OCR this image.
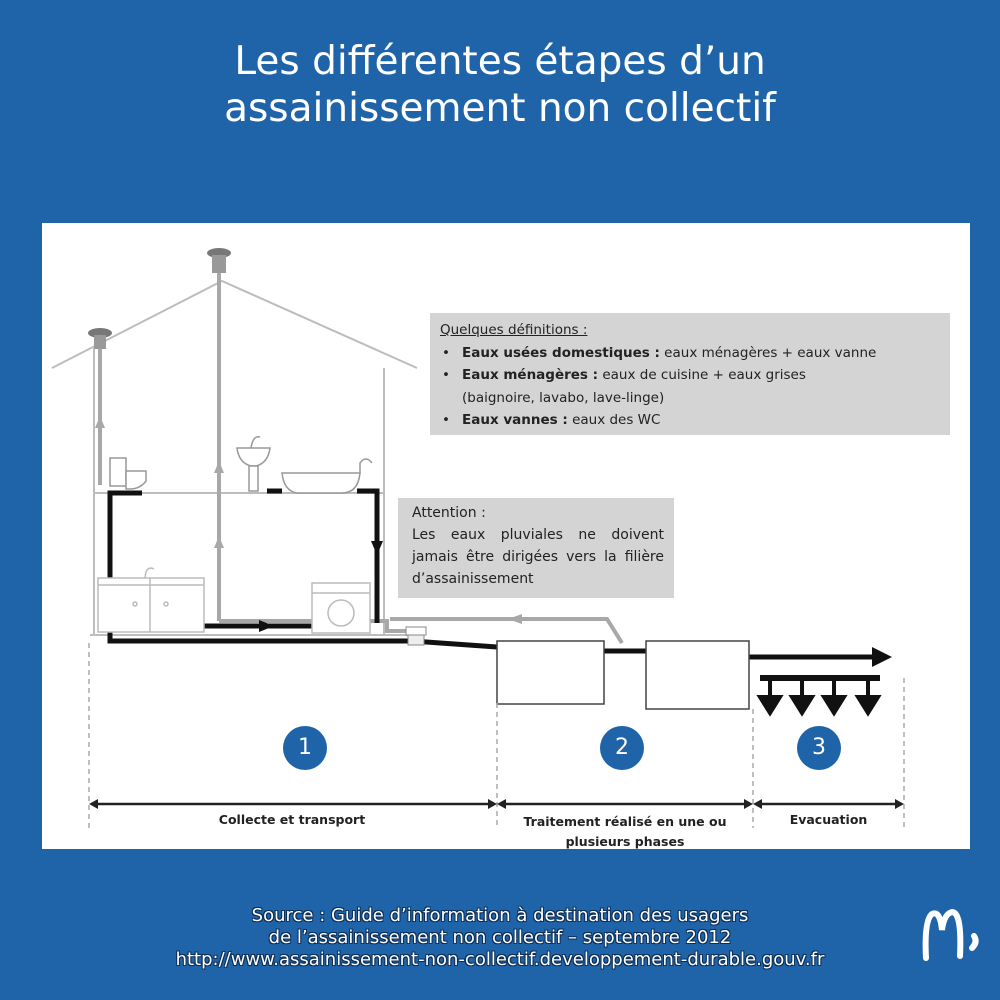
Les différentes étapes d’un
assainissement non collectif
Quelques définitions :
• Eaux usées domestiques : eaux ménagères + eaux vanne
• Eaux ménagères : eaux de cuisine + eaux grises
(baignoire, lavabo, lave-linge)
• Eaux vannes : eaux des WC
Attention :
Les eaux pluviales ne doivent jamais être dirigées vers la filière d’assainissement
1	2	3
Collecte et transport	Traitement réalisé en une ou
plusieurs phases
Evacuation
Source : Guide d’information à destination des usagers
de l’assainissement non collectif – septembre 2012
http://www.assainissement-non-collectif.developpement-durable.gouv.fr
